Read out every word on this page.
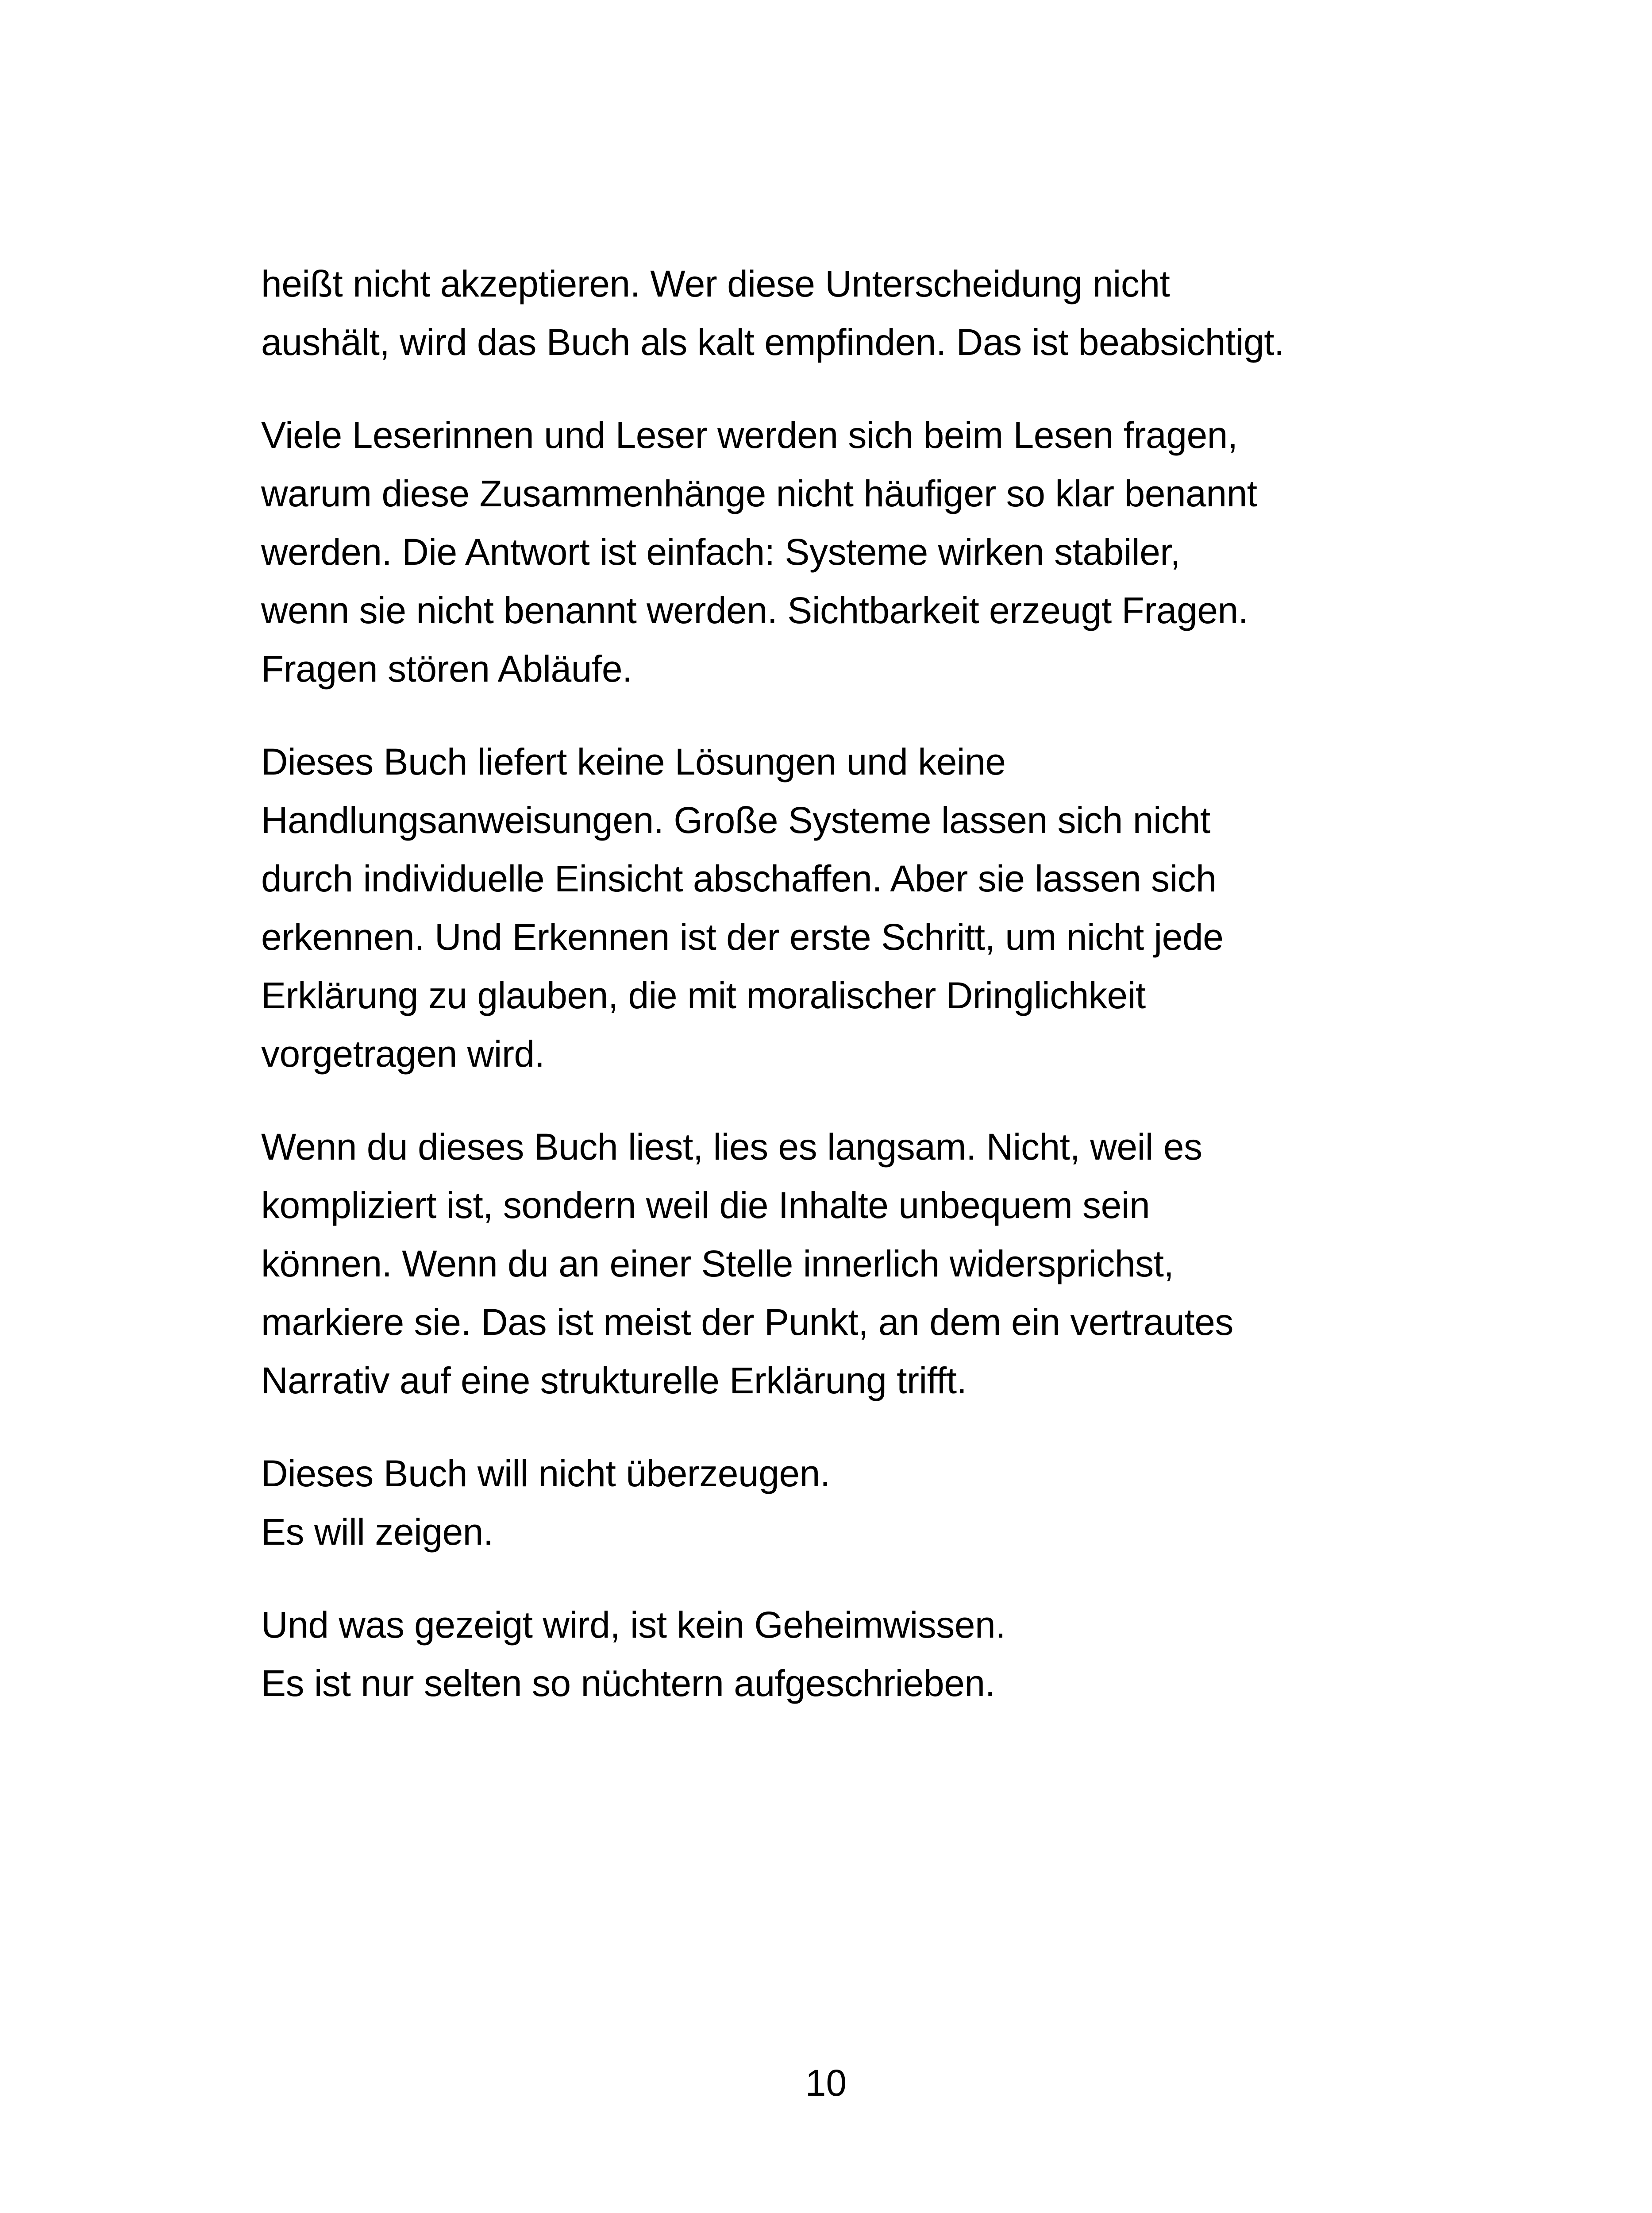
heißt nicht akzeptieren. Wer diese Unterscheidung nicht
aushält, wird das Buch als kalt empfinden. Das ist beabsichtigt.

Viele Leserinnen und Leser werden sich beim Lesen fragen,
warum diese Zusammenhänge nicht häufiger so klar benannt
werden. Die Antwort ist einfach: Systeme wirken stabiler,
wenn sie nicht benannt werden. Sichtbarkeit erzeugt Fragen.
Fragen stören Abläufe.

Dieses Buch liefert keine Lösungen und keine
Handlungsanweisungen. Große Systeme lassen sich nicht
durch individuelle Einsicht abschaffen. Aber sie lassen sich
erkennen. Und Erkennen ist der erste Schritt, um nicht jede
Erklärung zu glauben, die mit moralischer Dringlichkeit
vorgetragen wird.

Wenn du dieses Buch liest, lies es langsam. Nicht, weil es
kompliziert ist, sondern weil die Inhalte unbequem sein
können. Wenn du an einer Stelle innerlich widersprichst,
markiere sie. Das ist meist der Punkt, an dem ein vertrautes
Narrativ auf eine strukturelle Erklärung trifft.

Dieses Buch will nicht überzeugen.
Es will zeigen.

Und was gezeigt wird, ist kein Geheimwissen.
Es ist nur selten so nüchtern aufgeschrieben.

10
